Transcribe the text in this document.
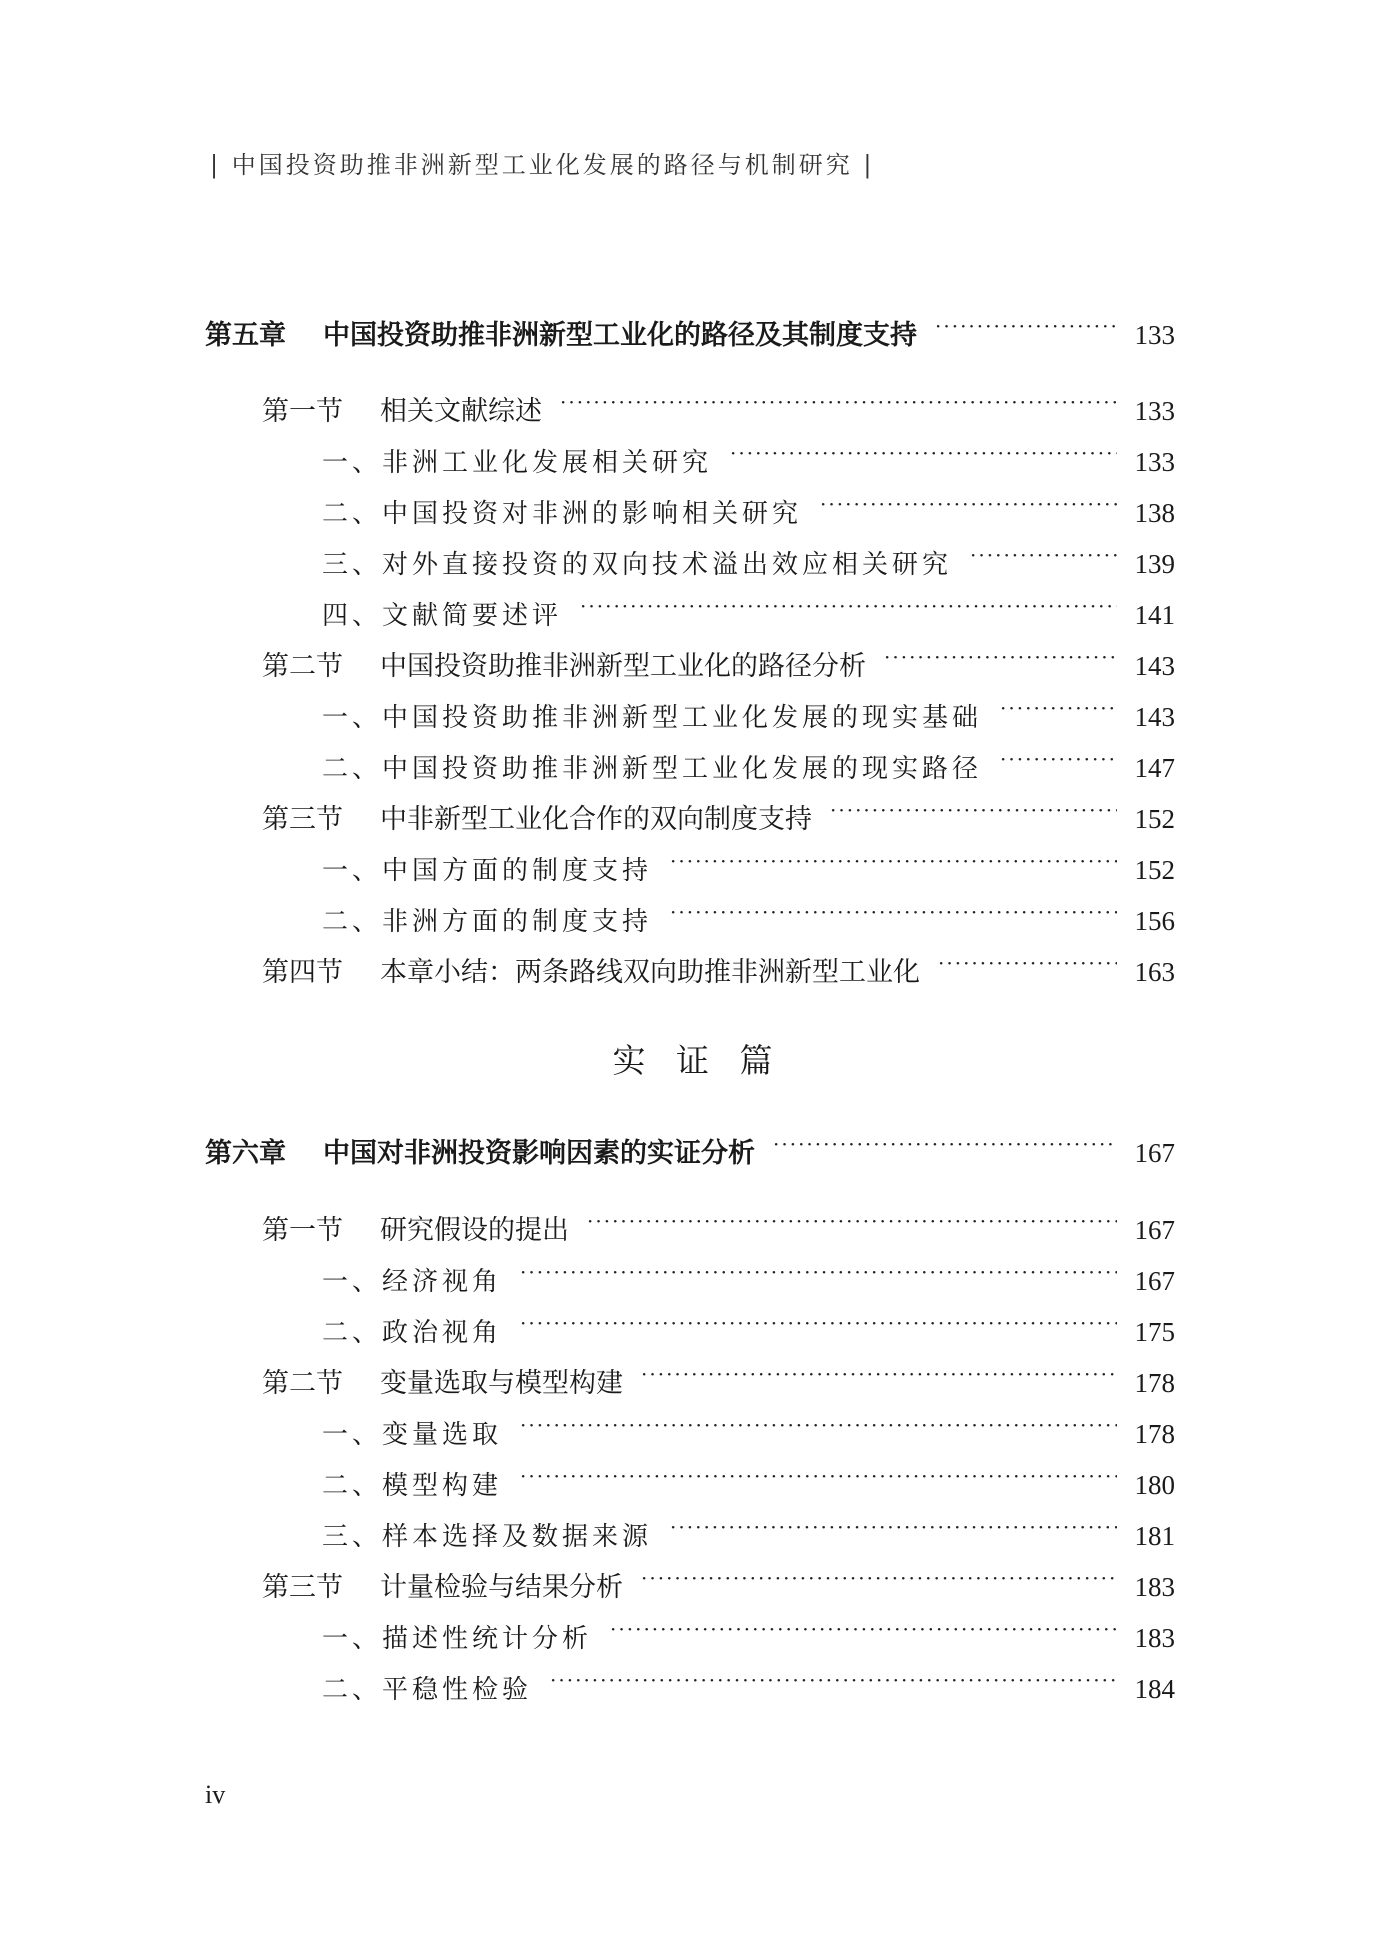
| 中国投资助推非洲新型工业化发展的路径与机制研究 |
第五章	中国投资助推非洲新型工业化的路径及其制度支持 ·····	133
第一节	相关文献综述 ·····	133
一、非洲工业化发展相关研究 ·····	133
二、中国投资对非洲的影响相关研究 ·····	138
三、对外直接投资的双向技术溢出效应相关研究 ·····	139
四、文献简要述评 ·····	141
第二节	中国投资助推非洲新型工业化的路径分析 ·····	143
一、中国投资助推非洲新型工业化发展的现实基础 ·····	143
二、中国投资助推非洲新型工业化发展的现实路径 ·····	147
第三节	中非新型工业化合作的双向制度支持 ·····	152
一、中国方面的制度支持 ·····	152
二、非洲方面的制度支持 ·····	156
第四节	本章小结：两条路线双向助推非洲新型工业化 ·····	163
第六章	中国对非洲投资影响因素的实证分析 ·····	167
第一节	研究假设的提出 ·····	167
一、经济视角 ·····	167
二、政治视角 ·····	175
第二节	变量选取与模型构建 ·····	178
一、变量选取 ·····	178
二、模型构建 ·····	180
三、样本选择及数据来源 ·····	181
第三节	计量检验与结果分析 ·····	183
一、描述性统计分析 ·····	183
二、平稳性检验 ·····	184
实 证 篇
iv
